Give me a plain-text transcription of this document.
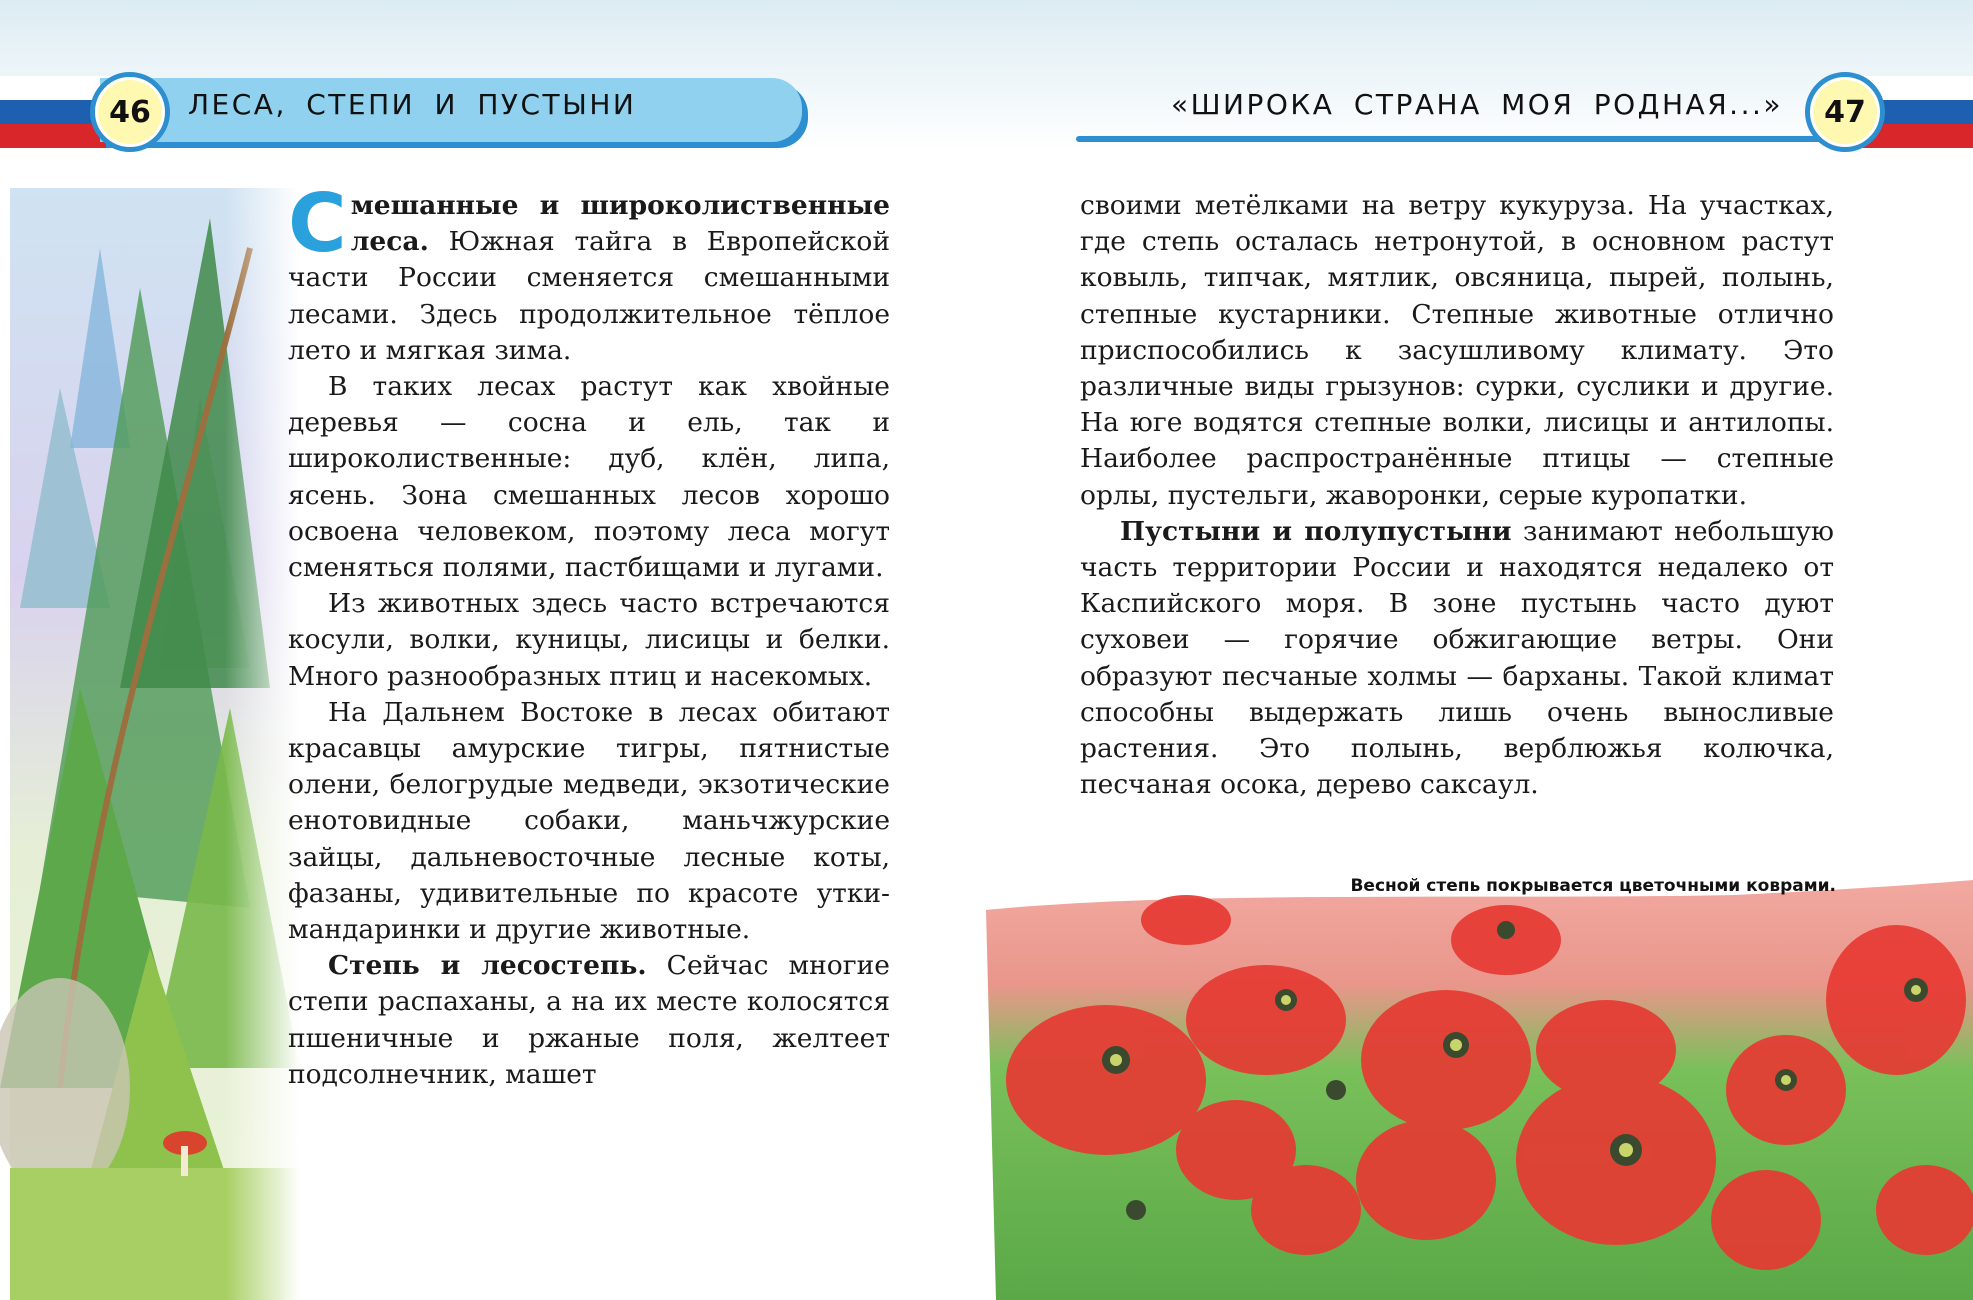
46	47
ЛЕСА, СТЕПИ И ПУСТЫНИ	«ШИРОКА СТРАНА МОЯ РОДНАЯ...»

Смешанные и широколиственные леса. Южная тайга в Европейской части России сменяется смешанными лесами. Здесь продолжительное тёплое лето и мягкая зима.

В таких лесах растут как хвойные деревья — сосна и ель, так и широколиственные: дуб, клён, липа, ясень. Зона смешанных лесов хорошо освоена человеком, поэтому леса могут сменяться полями, пастбищами и лугами.

Из животных здесь часто встречаются косули, волки, куницы, лисицы и белки. Много разнообразных птиц и насекомых.

На Дальнем Востоке в лесах обитают красавцы амурские тигры, пятнистые олени, белогрудые медведи, экзотические енотовидные собаки, маньчжурские зайцы, дальневосточные лесные коты, фазаны, удивительные по красоте утки-мандаринки и другие животные.

Степь и лесостепь. Сейчас многие степи распаханы, а на их месте колосятся пшеничные и ржаные поля, желтеет подсолнечник, машет

своими метёлками на ветру кукуруза. На участках, где степь осталась нетронутой, в основном растут ковыль, типчак, мятлик, овсяница, пырей, полынь, степные кустарники. Степные животные отлично приспособились к засушливому климату. Это различные виды грызунов: сурки, суслики и другие. На юге водятся степные волки, лисицы и антилопы. Наиболее распространённые птицы — степные орлы, пустельги, жаворонки, серые куропатки.

Пустыни и полупустыни занимают небольшую часть территории России и находятся недалеко от Каспийского моря. В зоне пустынь часто дуют суховеи — горячие обжигающие ветры. Они образуют песчаные холмы — барханы. Такой климат способны выдержать лишь очень выносливые растения. Это полынь, верблюжья колючка, песчаная осока, дерево саксаул.

Весной степь покрывается цветочными коврами.
